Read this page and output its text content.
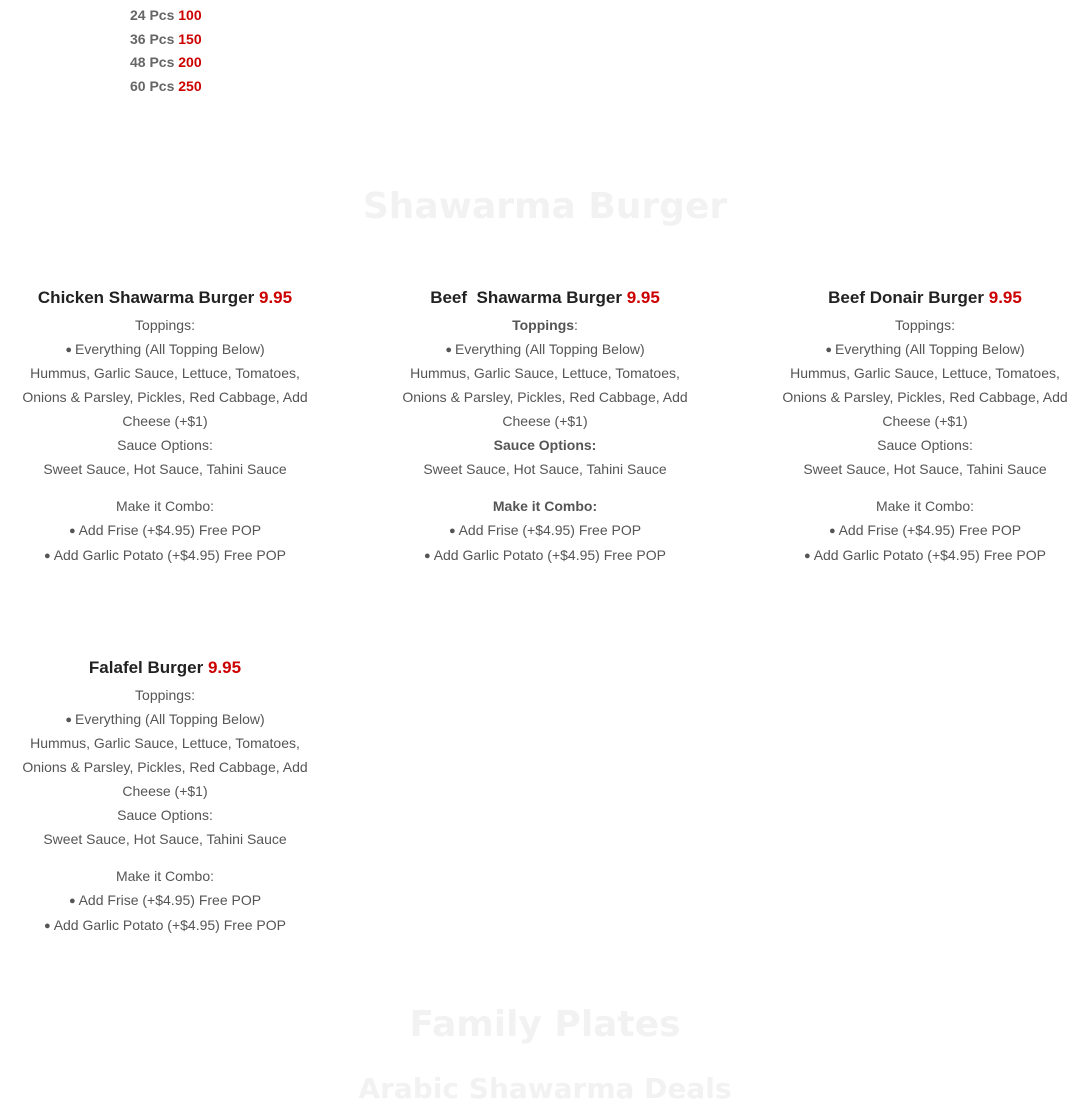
24 Pcs 100
36 Pcs 150
48 Pcs 200
60 Pcs 250
Shawarma Burger
Chicken Shawarma Burger 9.95

Toppings:

● Everything (All Topping Below)

Hummus, Garlic Sauce, Lettuce, Tomatoes, Onions & Parsley, Pickles, Red Cabbage, Add Cheese (+$1)

Sauce Options:

Sweet Sauce, Hot Sauce, Tahini Sauce

Make it Combo:

● Add Frise (+$4.95) Free POP

● Add Garlic Potato (+$4.95) Free POP

Beef  Shawarma Burger 9.95

Toppings:

● Everything (All Topping Below)

Hummus, Garlic Sauce, Lettuce, Tomatoes, Onions & Parsley, Pickles, Red Cabbage, Add Cheese (+$1)

Sauce Options:

Sweet Sauce, Hot Sauce, Tahini Sauce

Make it Combo:

● Add Frise (+$4.95) Free POP

● Add Garlic Potato (+$4.95) Free POP

Beef Donair Burger 9.95

Toppings:

● Everything (All Topping Below)

Hummus, Garlic Sauce, Lettuce, Tomatoes, Onions & Parsley, Pickles, Red Cabbage, Add Cheese (+$1)

Sauce Options:

Sweet Sauce, Hot Sauce, Tahini Sauce

Make it Combo:

● Add Frise (+$4.95) Free POP

● Add Garlic Potato (+$4.95) Free POP

Falafel Burger 9.95

Toppings:

● Everything (All Topping Below)

Hummus, Garlic Sauce, Lettuce, Tomatoes, Onions & Parsley, Pickles, Red Cabbage, Add Cheese (+$1)

Sauce Options:

Sweet Sauce, Hot Sauce, Tahini Sauce

Make it Combo:

● Add Frise (+$4.95) Free POP

● Add Garlic Potato (+$4.95) Free POP

Family Plates
Arabic Shawarma Deals
